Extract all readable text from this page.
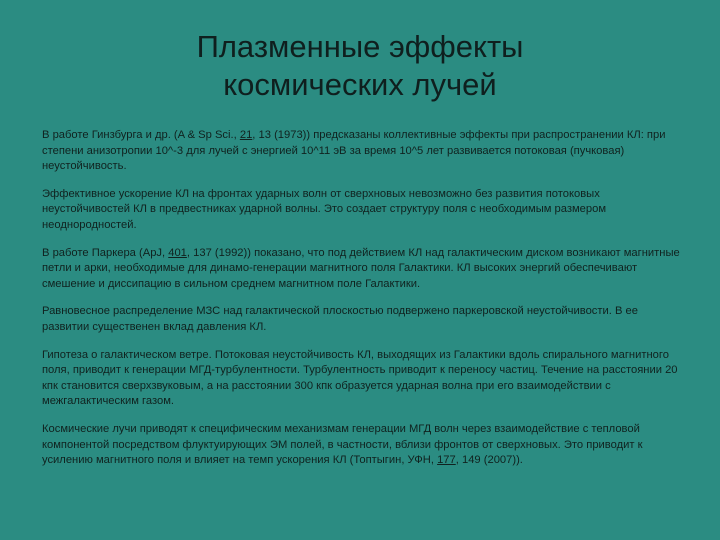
Плазменные эффекты
космических лучей

В работе Гинзбурга и др. (A & Sp Sci., 21, 13 (1973)) предсказаны коллективные эффекты при распространении КЛ: при степени анизотропии 10^-3 для лучей с энергией 10^11 эВ за время 10^5 лет развивается потоковая (пучковая) неустойчивость.

Эффективное ускорение КЛ на фронтах ударных волн от сверхновых невозможно без развития потоковых неустойчивостей КЛ в предвестниках ударной волны. Это создает структуру поля с необходимым размером неоднородностей.

В работе Паркера (ApJ, 401, 137 (1992)) показано, что под действием КЛ над галактическим диском возникают магнитные петли и арки, необходимые для динамо-генерации магнитного поля Галактики. КЛ высоких энергий обеспечивают смешение и диссипацию в сильном среднем магнитном поле Галактики.

Равновесное распределение МЗС над галактической плоскостью подвержено паркеровской неустойчивости. В ее развитии существенен вклад давления КЛ.

Гипотеза о галактическом ветре. Потоковая неустойчивость КЛ, выходящих из Галактики вдоль спирального магнитного поля, приводит к генерации МГД-турбулентности. Турбулентность приводит к переносу частиц. Течение на расстоянии 20 кпк становится сверхзвуковым, а на расстоянии 300 кпк образуется ударная волна при его взаимодействии с межгалактическим газом.

Космические лучи приводят к специфическим механизмам генерации МГД волн через взаимодействие с тепловой компонентой посредством флуктуирующих ЭМ полей, в частности, вблизи фронтов от сверхновых. Это приводит к усилению магнитного поля и влияет на темп ускорения КЛ (Топтыгин, УФН, 177, 149 (2007)).
